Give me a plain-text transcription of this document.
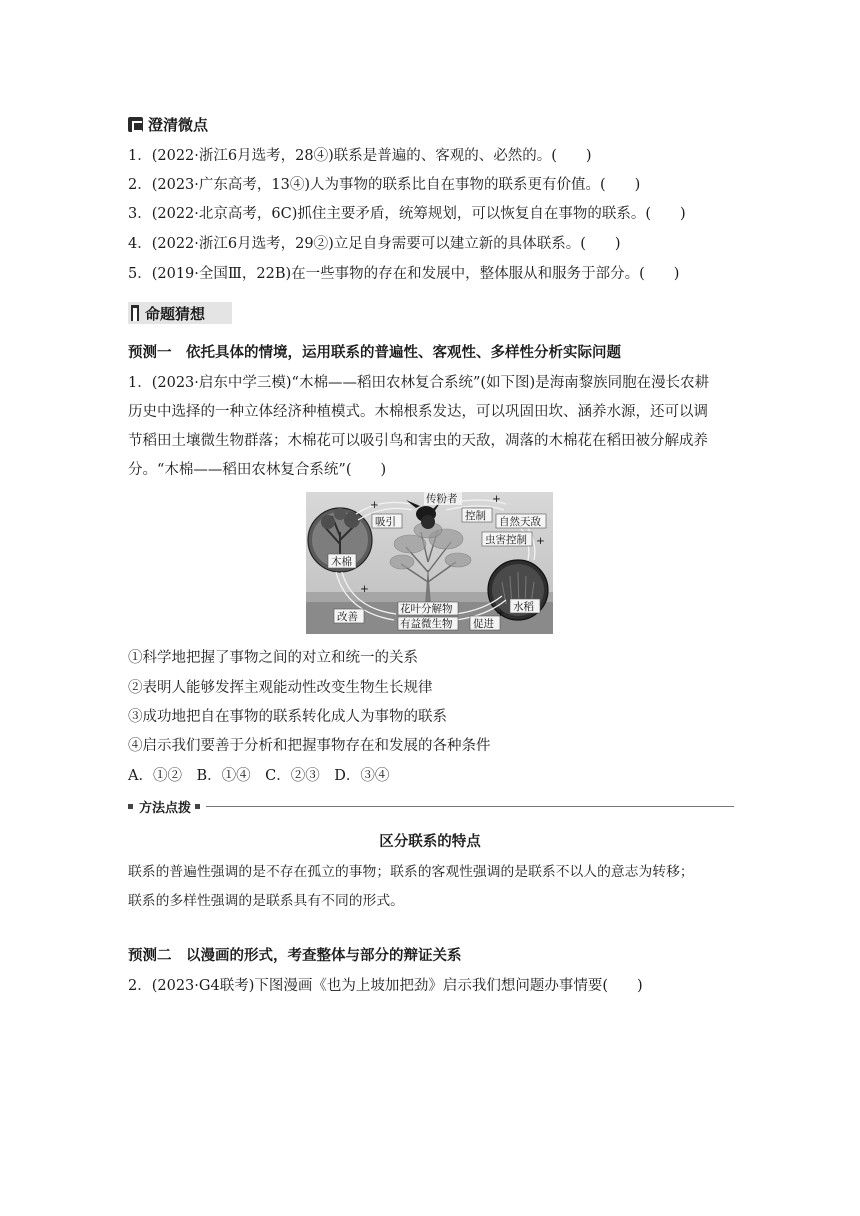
澄清微点
1．(2022·浙江6月选考，28④)联系是普遍的、客观的、必然的。(　　)
2．(2023·广东高考，13④)人为事物的联系比自在事物的联系更有价值。(　　)
3．(2022·北京高考，6C)抓住主要矛盾，统筹规划，可以恢复自在事物的联系。(　　)
4．(2022·浙江6月选考，29②)立足自身需要可以建立新的具体联系。(　　)
5．(2019·全国Ⅲ，22B)在一些事物的存在和发展中，整体服从和服务于部分。(　　)
命题猜想
预测一　依托具体的情境，运用联系的普遍性、客观性、多样性分析实际问题
1．(2023·启东中学三模)“木棉——稻田农林复合系统”(如下图)是海南黎族同胞在漫长农耕
历史中选择的一种立体经济种植模式。木棉根系发达，可以巩固田坎、涵养水源，还可以调
节稻田土壤微生物群落；木棉花可以吸引鸟和害虫的天敌，凋落的木棉花在稻田被分解成养
分。“木棉——稻田农林复合系统”(　　)
吸引
传粉者
控制 自然天敌
虫害控制
木棉
改善
花叶分解物
有益微生物 促进
水稻
+	+
+
+
+
①科学地把握了事物之间的对立和统一的关系
②表明人能够发挥主观能动性改变生物生长规律
③成功地把自在事物的联系转化成人为事物的联系
④启示我们要善于分析和把握事物存在和发展的各种条件
A．①②　B．①④　C．②③　D．③④
方法点拨
区分联系的特点
联系的普遍性强调的是不存在孤立的事物；联系的客观性强调的是联系不以人的意志为转移；
联系的多样性强调的是联系具有不同的形式。
预测二　以漫画的形式，考查整体与部分的辩证关系
2．(2023·G4联考)下图漫画《也为上坡加把劲》启示我们想问题办事情要(　　)
